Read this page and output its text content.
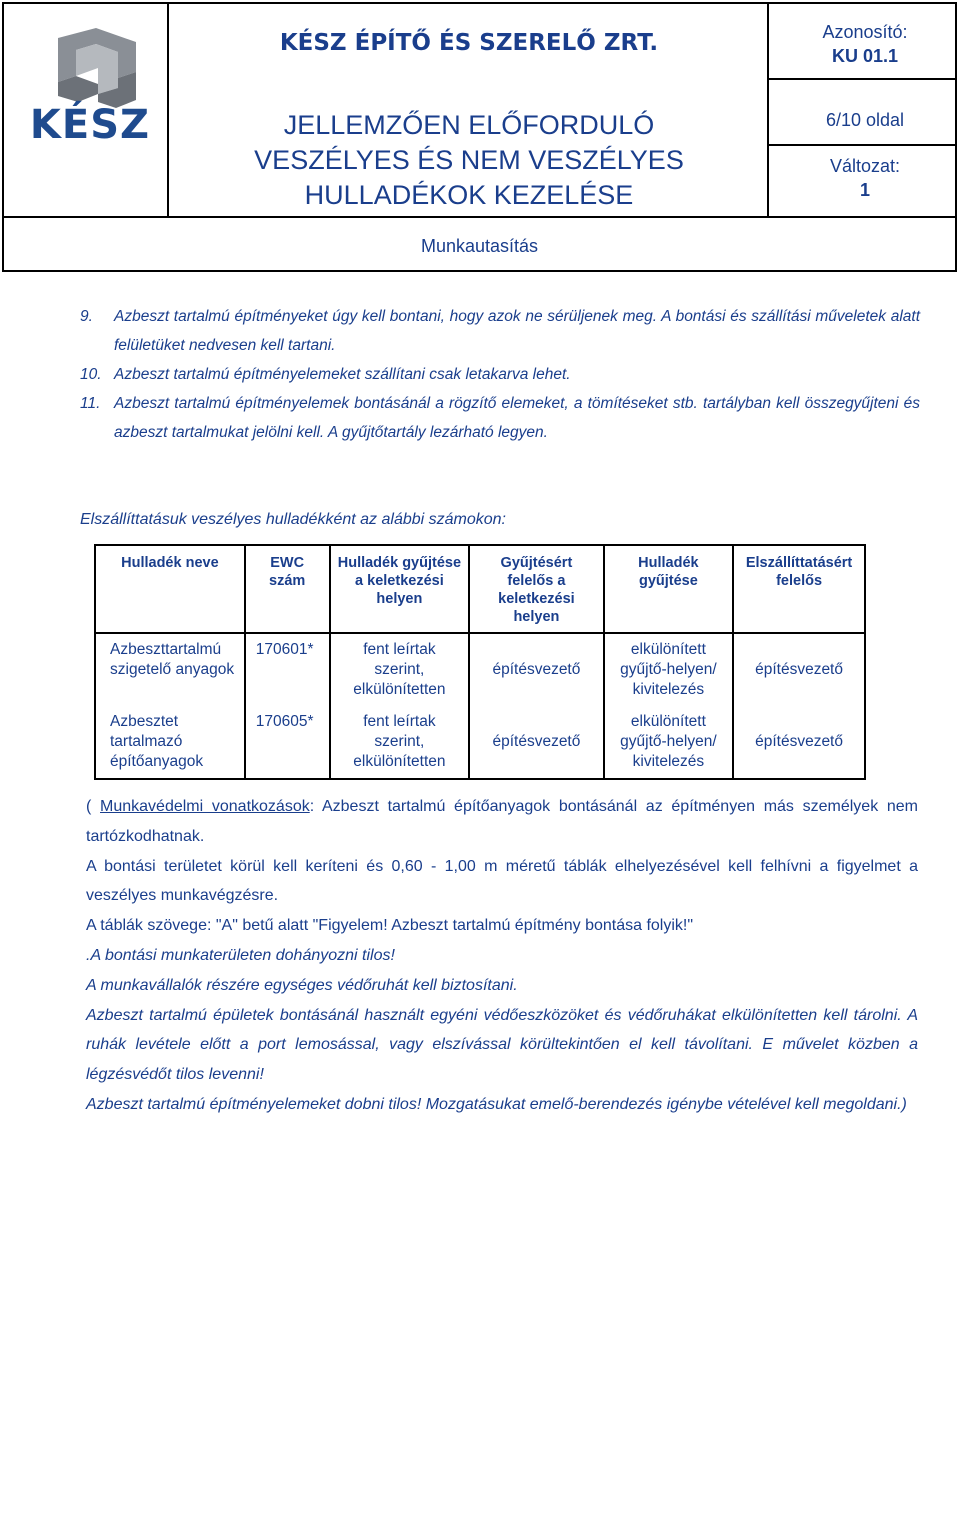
KÉSZ
KÉSZ ÉPÍTŐ ÉS SZERELŐ ZRT.
JELLEMZŐEN ELŐFORDULÓ
VESZÉLYES ÉS NEM VESZÉLYES
HULLADÉKOK KEZELÉSE
Azonosító:
KU 01.1
6/10 oldal
Változat:
1
Munkautasítás
9. Azbeszt tartalmú építményeket úgy kell bontani, hogy azok ne sérüljenek meg. A bontási és szállítási műveletek alatt felületüket nedvesen kell tartani.
10. Azbeszt tartalmú építményelemeket szállítani csak letakarva lehet.
11. Azbeszt tartalmú építményelemek bontásánál a rögzítő elemeket, a tömítéseket stb. tartályban kell összegyűjteni és azbeszt tartalmukat jelölni kell. A gyűjtőtartály lezárható legyen.
Elszállíttatásuk veszélyes hulladékként az alábbi számokon:
Hulladék neve	EWC szám	Hulladék gyűjtése a keletkezési helyen	Gyűjtésért felelős a keletkezési helyen	Hulladék gyűjtése	Elszállíttatásért felelős
Azbeszttartalmú szigetelő anyagok	170601*	fent leírtak szerint, elkülönítetten	építésvezető	elkülönített gyűjtő-helyen/ kivitelezés	építésvezető
Azbesztet tartalmazó építőanyagok	170605*	fent leírtak szerint, elkülönítetten	építésvezető	elkülönített gyűjtő-helyen/ kivitelezés	építésvezető

( Munkavédelmi vonatkozások: Azbeszt tartalmú építőanyagok bontásánál az építményen más személyek nem tartózkodhatnak.

A bontási területet körül kell keríteni és 0,60 - 1,00 m méretű táblák elhelyezésével kell felhívni a figyelmet a veszélyes munkavégzésre.

A táblák szövege: "A" betű alatt "Figyelem! Azbeszt tartalmú építmény bontása folyik!"

.A bontási munkaterületen dohányozni tilos!

A munkavállalók részére egységes védőruhát kell biztosítani.

Azbeszt tartalmú épületek bontásánál használt egyéni védőeszközöket és védőruhákat elkülönítetten kell tárolni. A ruhák levétele előtt a port lemosással, vagy elszívással körültekintően el kell távolítani. E művelet közben a légzésvédőt tilos levenni!

Azbeszt tartalmú építményelemeket dobni tilos! Mozgatásukat emelő-berendezés igénybe vételével kell megoldani.)
